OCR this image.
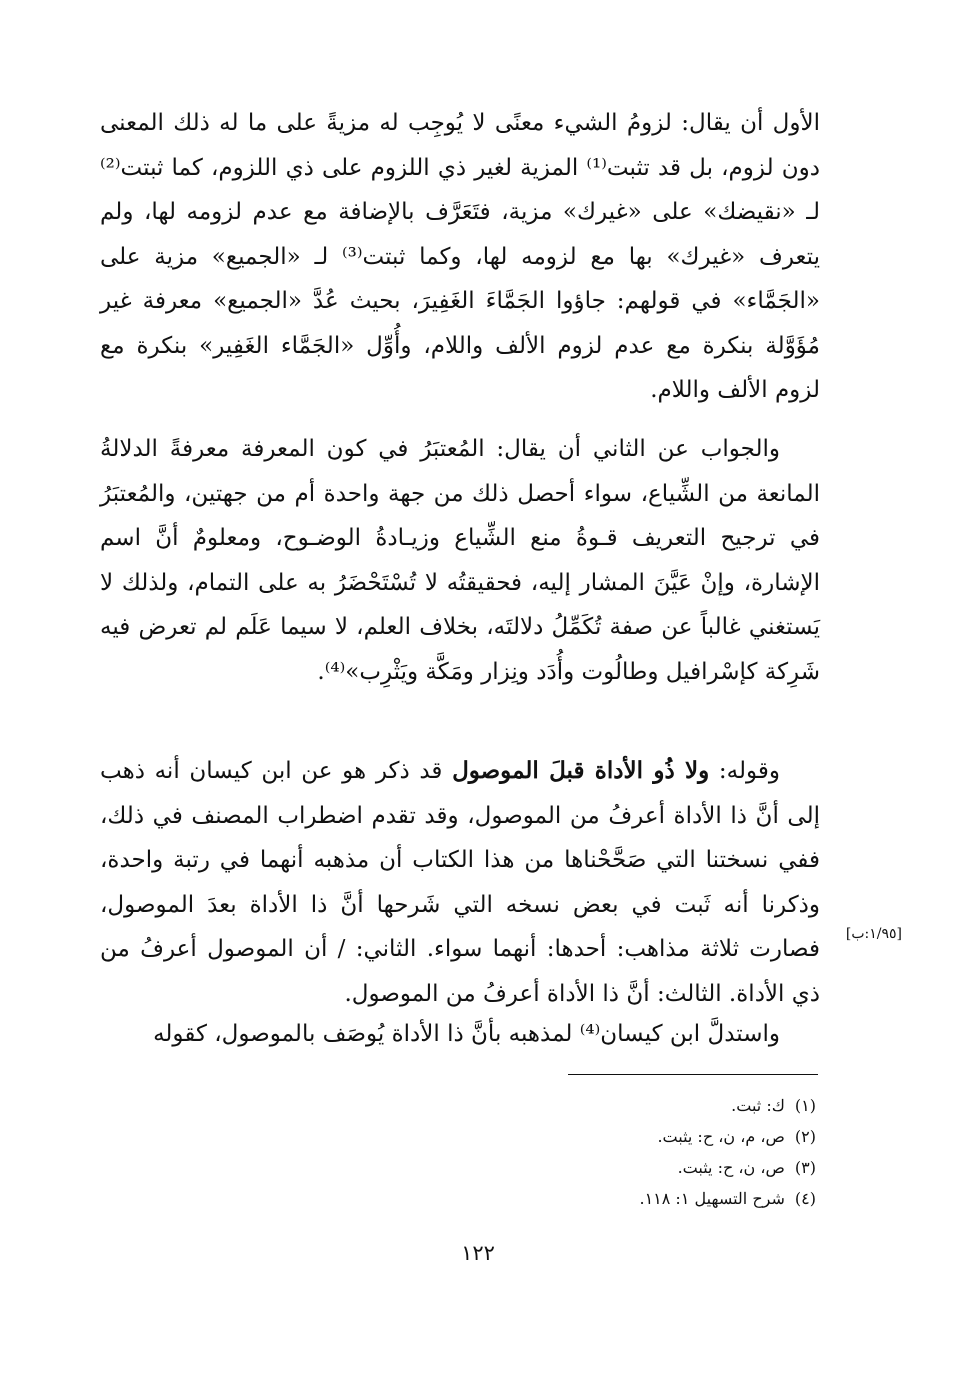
الأول أن يقال: لزومُ الشيء معنًى لا يُوجِب له مزيةً على ما له ذلك المعنى دون لزوم، بل قد تثبت⁽¹⁾ المزية لغير ذي اللزوم على ذي اللزوم، كما ثبتت⁽²⁾ لـ «نقيضك» على «غيرك» مزية، فتَعَرَّف بالإضافة مع عدم لزومه لها، ولم يتعرف «غيرك» بها مع لزومه لها، وكما ثبتت⁽³⁾ لـ «الجميع» مزية على «الجَمَّاء» في قولهم: جاؤوا الجَمَّاءَ الغَفِيرَ، بحيث عُدَّ «الجميع» معرفة غير مُؤَوَّلة بنكرة مع عدم لزوم الألف واللام، وأُوِّل «الجَمَّاء الغَفِير» بنكرة مع لزوم الألف واللام.

والجواب عن الثاني أن يقال: المُعتبَرُ في كون المعرفة معرفةً الدلالةُ المانعة من الشِّياع، سواء أحصل ذلك من جهة واحدة أم من جهتين، والمُعتبَرُ في ترجيح التعريف قـوةُ منع الشِّياع وزيـادةُ الوضـوح، ومعلومٌ أنَّ اسم الإشارة، وإنْ عَيَّنَ المشار إليه، فحقيقتُه لا تُسْتَحْضَرُ به على التمام، ولذلك لا يَستغني غالباً عن صفة تُكَمِّلُ دلالتَه، بخلاف العلم، لا سيما عَلَم لم تعرض فيه شَرِكة كإسْرافيل وطالُوت وأُدَد ونِزار ومَكَّة ويَثْرِب»⁽⁴⁾.

وقوله: ولا ذُو الأداة قبلَ الموصول قد ذكر هو عن ابن كيسان أنه ذهب إلى أنَّ ذا الأداة أعرفُ من الموصول، وقد تقدم اضطراب المصنف في ذلك، ففي نسختنا التي صَحَّحْناها من هذا الكتاب أن مذهبه أنهما في رتبة واحدة، وذكرنا أنه ثَبت في بعض نسخه التي شَرحها أنَّ ذا الأداة بعدَ الموصول، فصارت ثلاثة مذاهب: أحدها: أنهما سواء. الثاني: / أن الموصول أعرفُ من ذي الأداة. الثالث: أنَّ ذا الأداة أعرفُ من الموصول.

واستدلَّ ابن كيسان⁽⁴⁾ لمذهبه بأنَّ ذا الأداة يُوصَف بالموصول، كقوله

[١/٩٥:ب]
(١)ك: ثبت.
(٢)ص، م، ن، ح: يثبت.
(٣)ص، ن، ح: يثبت.
(٤)شرح التسهيل ١: ١١٨.
١٢٢
